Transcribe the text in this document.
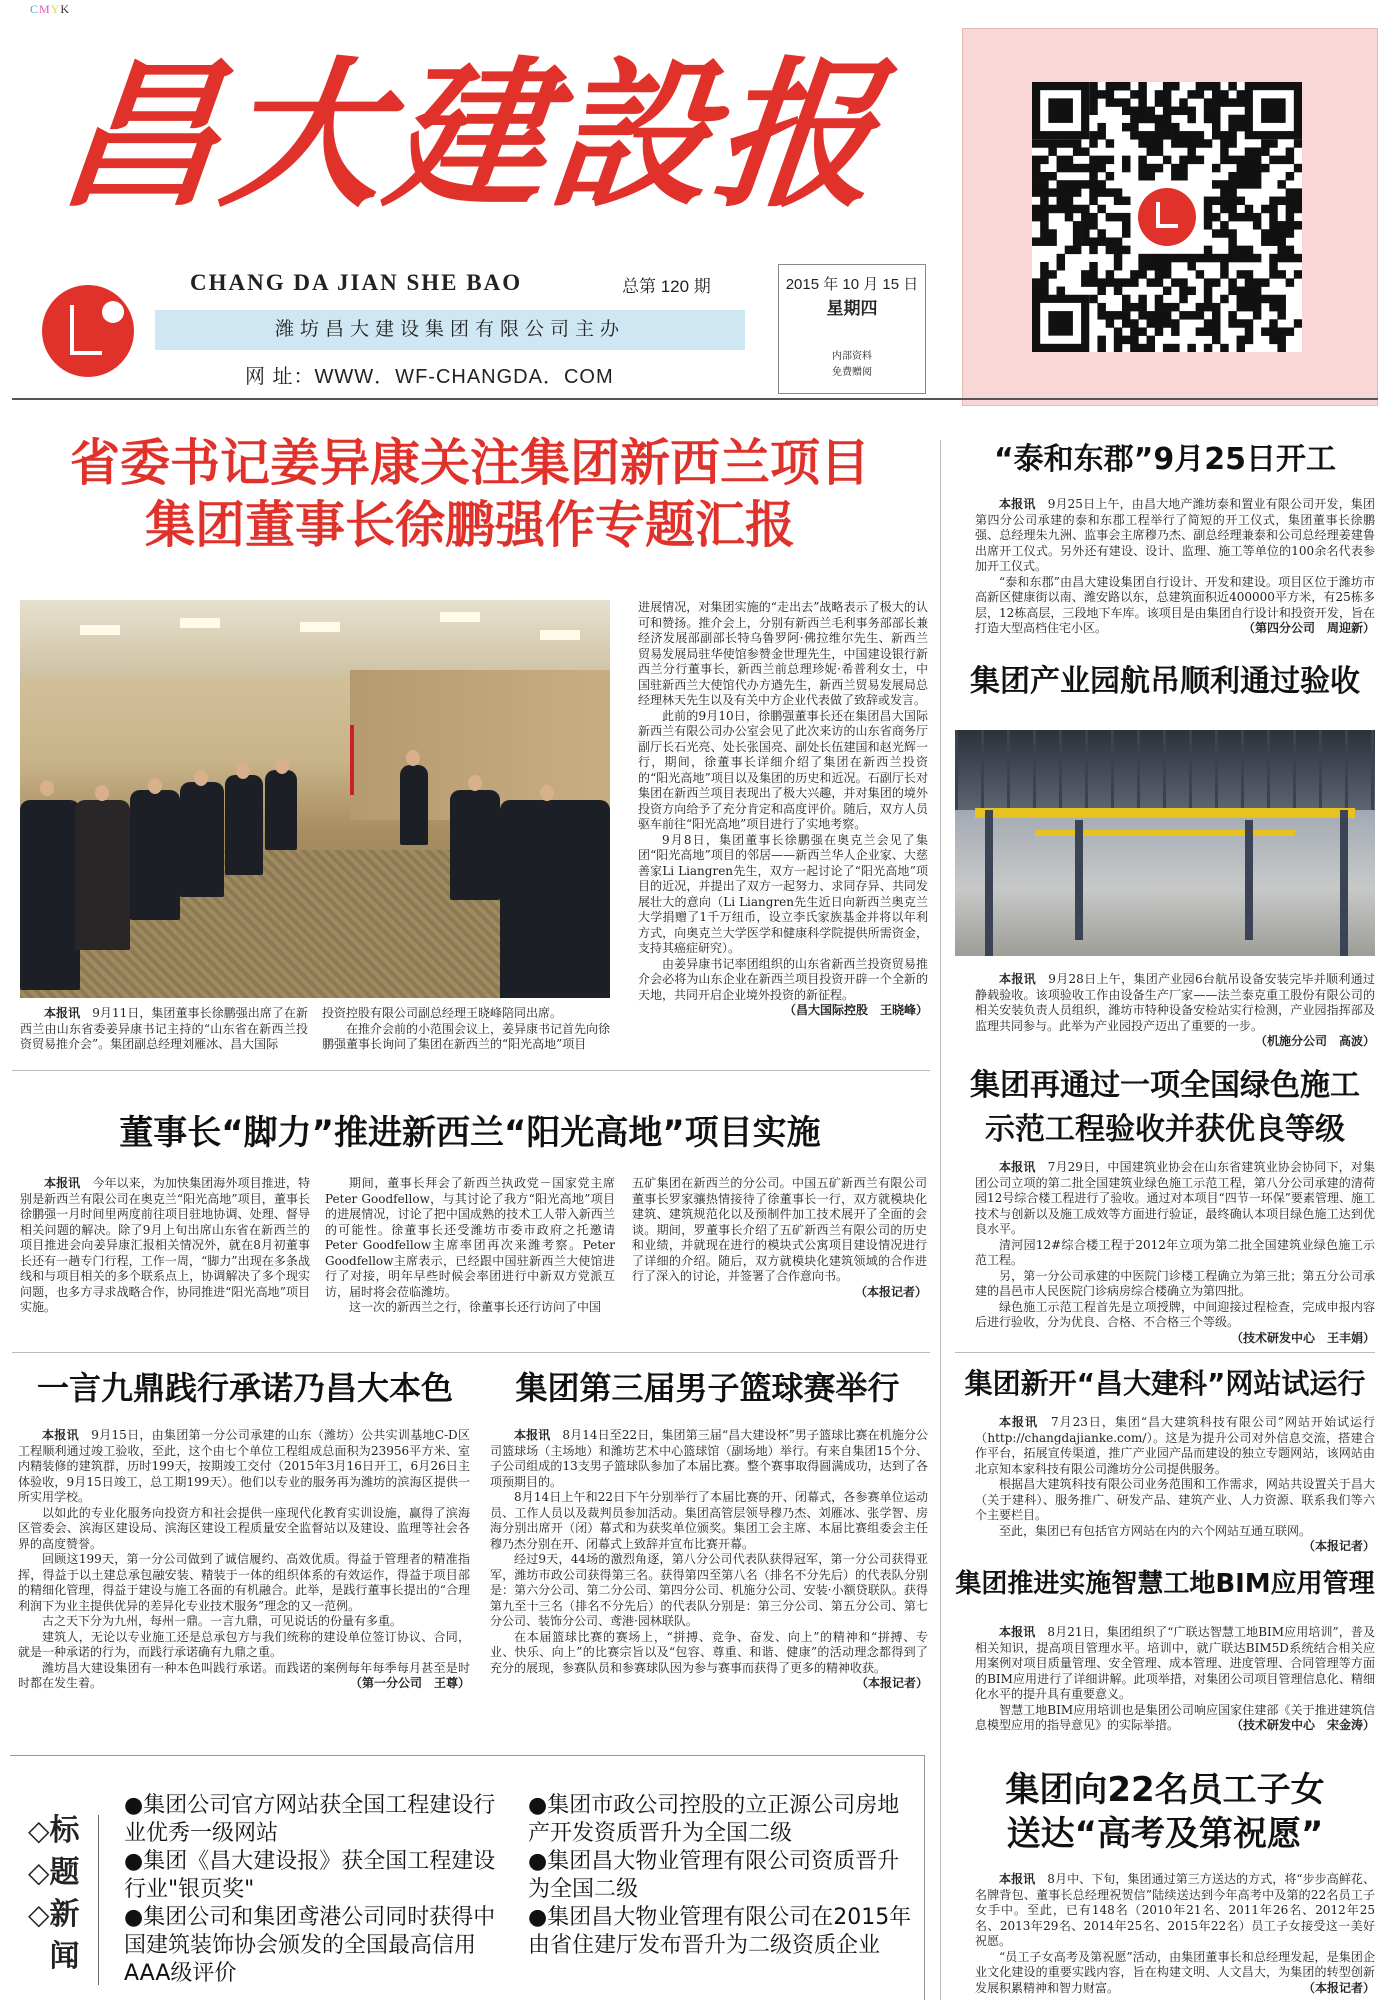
CMYK
昌大建設报
CHANG DA JIAN SHE BAO	总第 120 期
潍坊昌大建设集团有限公司主办
网 址：WWW．WF-CHANGDA．COM
2015 年 10 月 15 日
星期四
内部资料
免费赠阅
省委书记姜异康关注集团新西兰项目
集团董事长徐鹏强作专题汇报

本报讯　 9月11日，集团董事长徐鹏强出席了在新西兰由山东省委姜异康书记主持的“山东省在新西兰投资贸易推介会”。集团副总经理刘雁冰、昌大国际

投资控股有限公司副总经理王晓峰陪同出席。

在推介会前的小范围会议上，姜异康书记首先向徐鹏强董事长询问了集团在新西兰的“阳光高地”项目

进展情况，对集团实施的“走出去”战略表示了极大的认可和赞扬。推介会上，分别有新西兰毛利事务部部长兼经济发展部副部长特乌鲁罗阿·佛拉维尔先生、新西兰贸易发展局驻华使馆参赞金世理先生，中国建设银行新西兰分行董事长，新西兰前总理珍妮·希普利女士，中国驻新西兰大使馆代办方遒先生，新西兰贸易发展局总经理林天先生以及有关中方企业代表做了致辞或发言。

此前的9月10日，徐鹏强董事长还在集团昌大国际新西兰有限公司办公室会见了此次来访的山东省商务厅副厅长石光亮、处长张国亮、副处长伍建国和赵光辉一行，期间，徐董事长详细介绍了集团在新西兰投资的“阳光高地”项目以及集团的历史和近况。石副厅长对集团在新西兰项目表现出了极大兴趣，并对集团的境外投资方向给予了充分肯定和高度评价。随后，双方人员驱车前往“阳光高地”项目进行了实地考察。

9月8日，集团董事长徐鹏强在奥克兰会见了集团“阳光高地”项目的邻居——新西兰华人企业家、大慈善家Li Liangren先生，双方一起讨论了“阳光高地”项目的近况，并提出了双方一起努力、求同存异、共同发展壮大的意向（Li Liangren先生近日向新西兰奥克兰大学捐赠了1千万纽币，设立李氏家族基金并将以年利方式，向奥克兰大学医学和健康科学院提供所需资金，支持其癌症研究）。

由姜异康书记率团组织的山东省新西兰投资贸易推介会必将为山东企业在新西兰项目投资开辟一个全新的天地，共同开启企业境外投资的新征程。
（昌大国际控股　王晓峰）

“泰和东郡”9月25日开工

本报讯　 9月25日上午，由昌大地产潍坊泰和置业有限公司开发，集团第四分公司承建的泰和东郡工程举行了简短的开工仪式，集团董事长徐鹏强、总经理朱九洲、监事会主席穆乃杰、副总经理兼泰和公司总经理姜建鲁出席开工仪式。另外还有建设、设计、监理、施工等单位的100余名代表参加开工仪式。

“泰和东郡”由昌大建设集团自行设计、开发和建设。项目区位于潍坊市高新区健康街以南、潍安路以东，总建筑面积近400000平方米，有25栋多层，12栋高层，三段地下车库。该项目是由集团自行设计和投资开发，旨在打造大型高档住宅小区。	（第四分公司　周迎新）

集团产业园航吊顺利通过验收

本报讯　 9月28日上午，集团产业园6台航吊设备安装完毕并顺利通过静载验收。该项验收工作由设备生产厂家——法兰泰克重工股份有限公司的相关安装负责人员组织，潍坊市特种设备安检站实行检测，产业园指挥部及监理共同参与。此举为产业园投产迈出了重要的一步。
（机施分公司　高波）

集团再通过一项全国绿色施工
示范工程验收并获优良等级

本报讯　 7月29日，中国建筑业协会在山东省建筑业协会协同下，对集团公司立项的第二批全国建筑业绿色施工示范工程，第八分公司承建的清荷园12号综合楼工程进行了验收。通过对本项目“四节一环保”要素管理、施工技术与创新以及施工成效等方面进行验证，最终确认本项目绿色施工达到优良水平。

清河园12#综合楼工程于2012年立项为第二批全国建筑业绿色施工示范工程。

另，第一分公司承建的中医院门诊楼工程确立为第三批；第五分公司承建的昌邑市人民医院门诊病房综合楼确立为第四批。

绿色施工示范工程首先是立项授牌，中间迎接过程检查，完成申报内容后进行验收，分为优良、合格、不合格三个等级。
（技术研发中心　王丰娟）

集团新开“昌大建科”网站试运行

本报讯　 7月23日，集团“昌大建筑科技有限公司”网站开始试运行（http://changdajianke.com/）。这是为提升公司对外信息交流，搭建合作平台，拓展宣传渠道，推广产业园产品而建设的独立专题网站，该网站由北京知本家科技有限公司潍坊分公司提供服务。

根据昌大建筑科技有限公司业务范围和工作需求，网站共设置关于昌大（关于建科）、服务推广、研发产品、建筑产业、人力资源、联系我们等六个主要栏目。

至此，集团已有包括官方网站在内的六个网站互通互联网。
（本报记者）

集团推进实施智慧工地BIM应用管理

本报讯　 8月21日，集团组织了“广联达智慧工地BIM应用培训”，普及相关知识，提高项目管理水平。培训中，就广联达BIM5D系统结合相关应用案例对项目质量管理、安全管理、成本管理、进度管理、合同管理等方面的BIM应用进行了详细讲解。此项举措，对集团公司项目管理信息化、精细化水平的提升具有重要意义。

智慧工地BIM应用培训也是集团公司响应国家住建部《关于推进建筑信息模型应用的指导意见》的实际举措。	（技术研发中心　宋金涛）

集团向22名员工子女
送达“高考及第祝愿”

本报讯　 8月中、下旬，集团通过第三方送达的方式，将“步步高鲜花、名牌背包、董事长总经理祝贺信”陆续送达到今年高考中及第的22名员工子女手中。至此，已有148名（2010年21名、2011年26名、2012年25名、2013年29名、2014年25名、2015年22名）员工子女接受这一美好祝愿。

“员工子女高考及第祝愿”活动，由集团董事长和总经理发起，是集团企业文化建设的重要实践内容，旨在构建文明、人文昌大，为集团的转型创新发展积累精神和智力财富。	（本报记者）

董事长“脚力”推进新西兰“阳光高地”项目实施

本报讯　 今年以来，为加快集团海外项目推进，特别是新西兰有限公司在奥克兰“阳光高地”项目，董事长徐鹏强一月时间里两度前往项目驻地协调、处理、督导相关问题的解决。除了9月上旬出席山东省在新西兰的项目推进会向姜异康汇报相关情况外，就在8月初董事长还有一趟专门行程，工作一周，“脚力”出现在多条战线和与项目相关的多个联系点上，协调解决了多个现实问题，也多方寻求战略合作，协同推进“阳光高地”项目实施。

期间，董事长拜会了新西兰执政党－国家党主席Peter Goodfellow，与其讨论了我方“阳光高地”项目的进展情况，讨论了把中国成熟的技术工人带入新西兰的可能性。徐董事长还受潍坊市委市政府之托邀请Peter Goodfellow主席率团再次来潍考察。Peter Goodfellow主席表示，已经跟中国驻新西兰大使馆进行了对接，明年早些时候会率团进行中新双方党派互访，届时将会莅临潍坊。

这一次的新西兰之行，徐董事长还行访问了中国

五矿集团在新西兰的分公司。中国五矿新西兰有限公司董事长罗家骧热情接待了徐董事长一行，双方就模块化建筑、建筑规范化以及预制件加工技术展开了全面的会谈。期间，罗董事长介绍了五矿新西兰有限公司的历史和业绩，并就现在进行的模块式公寓项目建设情况进行了详细的介绍。随后，双方就模块化建筑领域的合作进行了深入的讨论，并签署了合作意向书。
（本报记者）
一言九鼎践行承诺乃昌大本色

本报讯　 9月15日，由集团第一分公司承建的山东（潍坊）公共实训基地C-D区工程顺利通过竣工验收，至此，这个由七个单位工程组成总面积为23956平方米、室内精装修的建筑群，历时199天，按期竣工交付（2015年3月16日开工，6月26日主体验收，9月15日竣工，总工期199天）。他们以专业的服务再为潍坊的滨海区提供一所实用学校。

以如此的专业化服务向投资方和社会提供一座现代化教育实训设施，赢得了滨海区管委会、滨海区建设局、滨海区建设工程质量安全监督站以及建设、监理等社会各界的高度赞誉。

回顾这199天，第一分公司做到了诚信履约、高效优质。得益于管理者的精准指挥，得益于以土建总承包融安装、精装于一体的组织体系的有效运作，得益于项目部的精细化管理，得益于建设与施工各面的有机融合。此举，是践行董事长提出的“合理利润下为业主提供优异的差异化专业技术服务”理念的又一范例。

古之天下分为九州，每州一鼎。一言九鼎，可见说话的份量有多重。

建筑人，无论以专业施工还是总承包方与我们统称的建设单位签订协议、合同，就是一种承诺的行为，而践行承诺确有九鼎之重。

潍坊昌大建设集团有一种本色叫践行承诺。而践诺的案例每年每季每月甚至是时时都在发生着。	（第一分公司　王尊）

集团第三届男子篮球赛举行

本报讯　 8月14日至22日，集团第三届“昌大建设杯”男子篮球比赛在机施分公司篮球场（主场地）和潍坊艺术中心篮球馆（副场地）举行。有来自集团15个分、子公司组成的13支男子篮球队参加了本届比赛。整个赛事取得圆满成功，达到了各项预期目的。

8月14日上午和22日下午分别举行了本届比赛的开、闭幕式，各参赛单位运动员、工作人员以及裁判员参加活动。集团高管层领导穆乃杰、刘雁冰、张学智、房海分别出席开（闭）幕式和为获奖单位颁奖。集团工会主席、本届比赛组委会主任穆乃杰分别在开、闭幕式上致辞并宣布比赛开幕。

经过9天，44场的激烈角逐，第八分公司代表队获得冠军，第一分公司获得亚军，潍坊市政公司获得第三名。获得第四至第八名（排名不分先后）的代表队分别是：第六分公司、第二分公司、第四分公司、机施分公司、安装·小额贷联队。获得第九至十三名（排名不分先后）的代表队分别是：第三分公司、第五分公司、第七分公司、装饰分公司、鸢港·园林联队。

在本届篮球比赛的赛场上，“拼搏、竞争、奋发、向上”的精神和“拼搏、专业、快乐、向上”的比赛宗旨以及“包容、尊重、和谐、健康”的活动理念都得到了充分的展现，参赛队员和参赛球队因为参与赛事而获得了更多的精神收获。
（本报记者）

◇标
◇题
◇新
闻
●集团公司官方网站获全国工程建设行业优秀一级网站
●集团《昌大建设报》获全国工程建设行业"银页奖"
●集团公司和集团鸢港公司同时获得中国建筑装饰协会颁发的全国最高信用AAA级评价
●集团市政公司控股的立正源公司房地产开发资质晋升为全国二级
●集团昌大物业管理有限公司资质晋升为全国二级
●集团昌大物业管理有限公司在2015年由省住建厅发布晋升为二级资质企业
